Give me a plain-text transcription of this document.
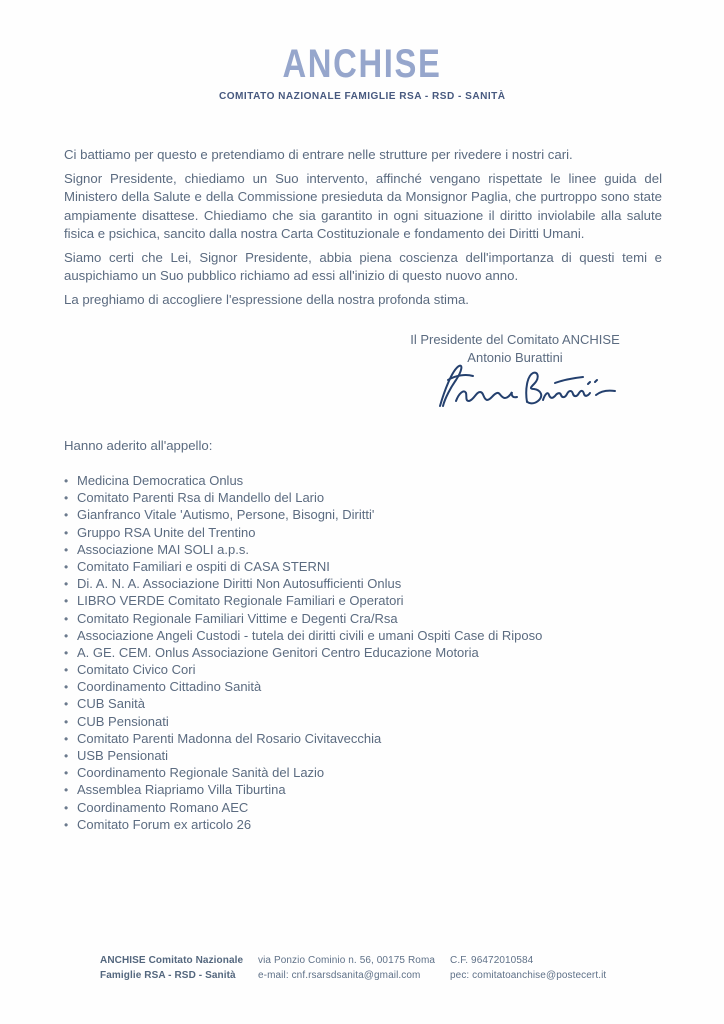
ANCHISE
COMITATO NAZIONALE FAMIGLIE RSA - RSD - SANITÀ

Ci battiamo per questo e pretendiamo di entrare nelle strutture per rivedere i nostri cari.

Signor Presidente, chiediamo un Suo intervento, affinché vengano rispettate le linee guida del Ministero della Salute e della Commissione presieduta da Monsignor Paglia, che purtroppo sono state ampiamente disattese. Chiediamo che sia garantito in ogni situazione il diritto inviolabile alla salute fisica e psichica, sancito dalla nostra Carta Costituzionale e fondamento dei Diritti Umani.

Siamo certi che Lei, Signor Presidente, abbia piena coscienza dell'importanza di questi temi e auspichiamo un Suo pubblico richiamo ad essi all'inizio di questo nuovo anno.

La preghiamo di accogliere l'espressione della nostra profonda stima.

Il Presidente del Comitato ANCHISE
Antonio Burattini
Hanno aderito all'appello:
• Medicina Democratica Onlus
• Comitato Parenti Rsa di Mandello del Lario
• Gianfranco Vitale 'Autismo, Persone, Bisogni, Diritti'
• Gruppo RSA Unite del Trentino
• Associazione MAI SOLI a.p.s.
• Comitato Familiari e ospiti di CASA STERNI
• Di. A. N. A. Associazione Diritti Non Autosufficienti Onlus
• LIBRO VERDE Comitato Regionale Familiari e Operatori
• Comitato Regionale Familiari Vittime e Degenti Cra/Rsa
• Associazione Angeli Custodi - tutela dei diritti civili e umani Ospiti Case di Riposo
• A. GE. CEM. Onlus Associazione Genitori Centro Educazione Motoria
• Comitato Civico Cori
• Coordinamento Cittadino Sanità
• CUB Sanità
• CUB Pensionati
• Comitato Parenti Madonna del Rosario Civitavecchia
• USB Pensionati
• Coordinamento Regionale Sanità del Lazio
• Assemblea Riapriamo Villa Tiburtina
• Coordinamento Romano AEC
• Comitato Forum ex articolo 26
ANCHISE Comitato Nazionale
Famiglie RSA - RSD - Sanità
via Ponzio Cominio n. 56, 00175 Roma
e-mail: cnf.rsarsdsanita@gmail.com
C.F. 96472010584
pec: comitatoanchise@postecert.it
